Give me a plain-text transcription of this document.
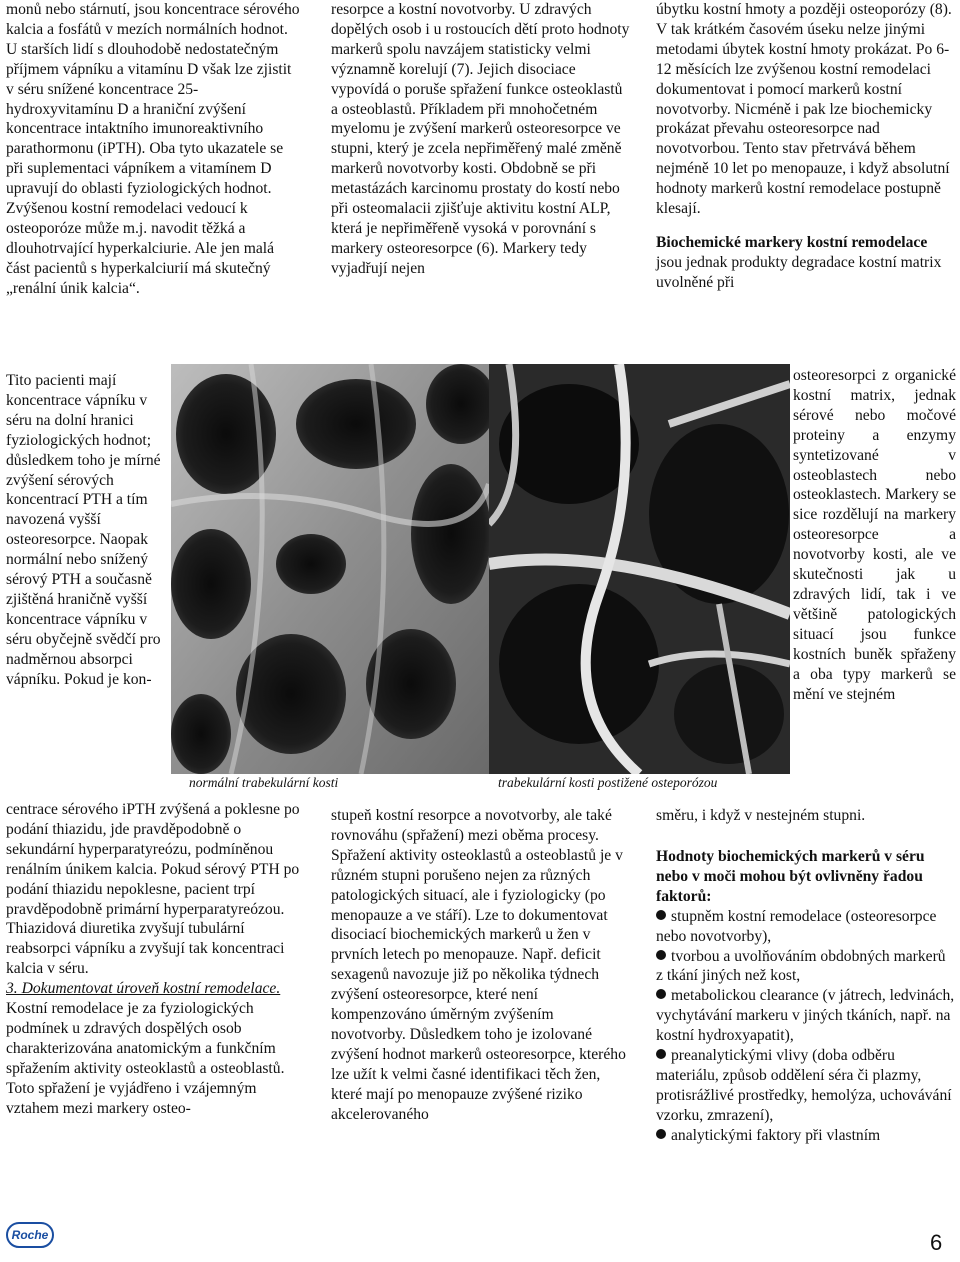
monů nebo stárnutí, jsou koncentrace sérového kalcia a fosfátů v mezích normálních hodnot. U starších lidí s dlouhodobě nedostatečným příjmem vápníku a vitamínu D však lze zjistit v séru snížené koncentrace 25-hydroxyvitamínu D a hraniční zvýšení koncentrace intaktního imunoreaktivního parathormonu (iPTH). Oba tyto ukazatele se při suplementaci vápníkem a vitamínem D upravují do oblasti fyziologických hodnot. Zvýšenou kostní remodelaci vedoucí k osteoporóze může m.j. navodit těžká a dlouhotrvající hyperkalciurie. Ale jen malá část pacientů s hyperkalciurií má skutečný „renální únik kalcia“.

Tito pacienti mají koncentrace vápníku v séru na dolní hranici fyziologických hodnot; důsledkem toho je mírné zvýšení sérových koncentrací PTH a tím navozená vyšší osteoresorpce. Naopak normální nebo snížený sérový PTH a současně zjištěná hraničně vyšší koncentrace vápníku v séru obyčejně svědčí pro nadměrnou absorpci vápníku. Pokud je kon-

centrace sérového iPTH zvýšená a poklesne po podání thiazidu, jde pravděpodobně o sekundární hyperparatyreózu, podmíněnou renálním únikem kalcia. Pokud sérový PTH po podání thiazidu nepoklesne, pacient trpí pravděpodobně primární hyperparatyreózou. Thiazidová diuretika zvyšují tubulární reabsorpci vápníku a zvyšují tak koncentraci kalcia v séru.

3. Dokumentovat úroveň kostní remodelace. Kostní remodelace je za fyziologických podmínek u zdravých dospělých osob charakterizována anatomickým a funkčním spřažením aktivity osteoklastů a osteoblastů. Toto spřažení je vyjádřeno i vzájemným vztahem mezi markery osteo-

resorpce a kostní novotvorby. U zdravých dopělých osob i u rostoucích dětí proto hodnoty markerů spolu navzájem statisticky velmi významně korelují (7). Jejich disociace vypovídá o poruše spřažení funkce osteoklastů a osteoblastů. Příkladem při mnohočetném myelomu je zvýšení markerů osteoresorpce ve stupni, který je zcela nepřiměřený malé změně markerů novotvorby kosti. Obdobně se při metastázách karcinomu prostaty do kostí nebo při osteomalacii zjišťuje aktivitu kostní ALP, která je nepřiměřeně vysoká v porovnání s markery osteoresorpce (6). Markery tedy vyjadřují nejen

stupeň kostní resorpce a novotvorby, ale také rovnováhu (spřažení) mezi oběma procesy. Spřažení aktivity osteoklastů a osteoblastů je v různém stupni porušeno nejen za různých patologických situací, ale i fyziologicky (po menopauze a ve stáří). Lze to dokumentovat disociací biochemických markerů u žen v prvních letech po menopauze. Např. deficit sexagenů navozuje již po několika týdnech zvýšení osteoresorpce, které není kompenzováno úměrným zvýšením novotvorby. Důsledkem toho je izolované zvýšení hodnot markerů osteoresorpce, kterého lze užít k velmi časné identifikaci těch žen, které mají po menopauze zvýšené riziko akcelerovaného

úbytku kostní hmoty a později osteoporózy (8). V tak krátkém časovém úseku nelze jinými metodami úbytek kostní hmoty prokázat. Po 6-12 měsících lze zvýšenou kostní remodelaci dokumentovat i pomocí markerů kostní novotvorby. Nicméně i pak lze biochemicky prokázat převahu osteoresorpce nad novotvorbou. Tento stav přetrvává během nejméně 10 let po menopauze, i když absolutní hodnoty markerů kostní remodelace postupně klesají.

Biochemické markery kostní remodelace jsou jednak produkty degradace kostní matrix uvolněné při

osteoresorpci z organické kostní matrix, jednak sérové nebo močové proteiny a enzymy syntetizované v osteoblastech nebo osteoklastech. Markery se sice rozdělují na markery osteoresorpce a novotvorby kosti, ale ve skutečnosti jak u zdravých lidí, tak i ve většině patologických situací jsou funkce kostních buněk spřaženy a oba typy markerů se mění ve stejném

směru, i když v nestejném stupni.

Hodnoty biochemických markerů v séru nebo v moči mohou být ovlivněny řadou faktorů:

stupněm kostní remodelace (osteoresorpce nebo novotvorby),

tvorbou a uvolňováním obdobných markerů z tkání jiných než kost,

metabolickou clearance (v játrech, ledvinách, vychytávání markeru v jiných tkáních, např. na kostní hydroxyapatit),

preanalytickými vlivy (doba odběru materiálu, způsob oddělení séra či plazmy, protisrážlivé prostředky, hemolýza, uchovávání vzorku, zmrazení),

analytickými faktory při vlastním

normální trabekulární kosti	trabekulární kosti postižené osteporózou
Roche	6
